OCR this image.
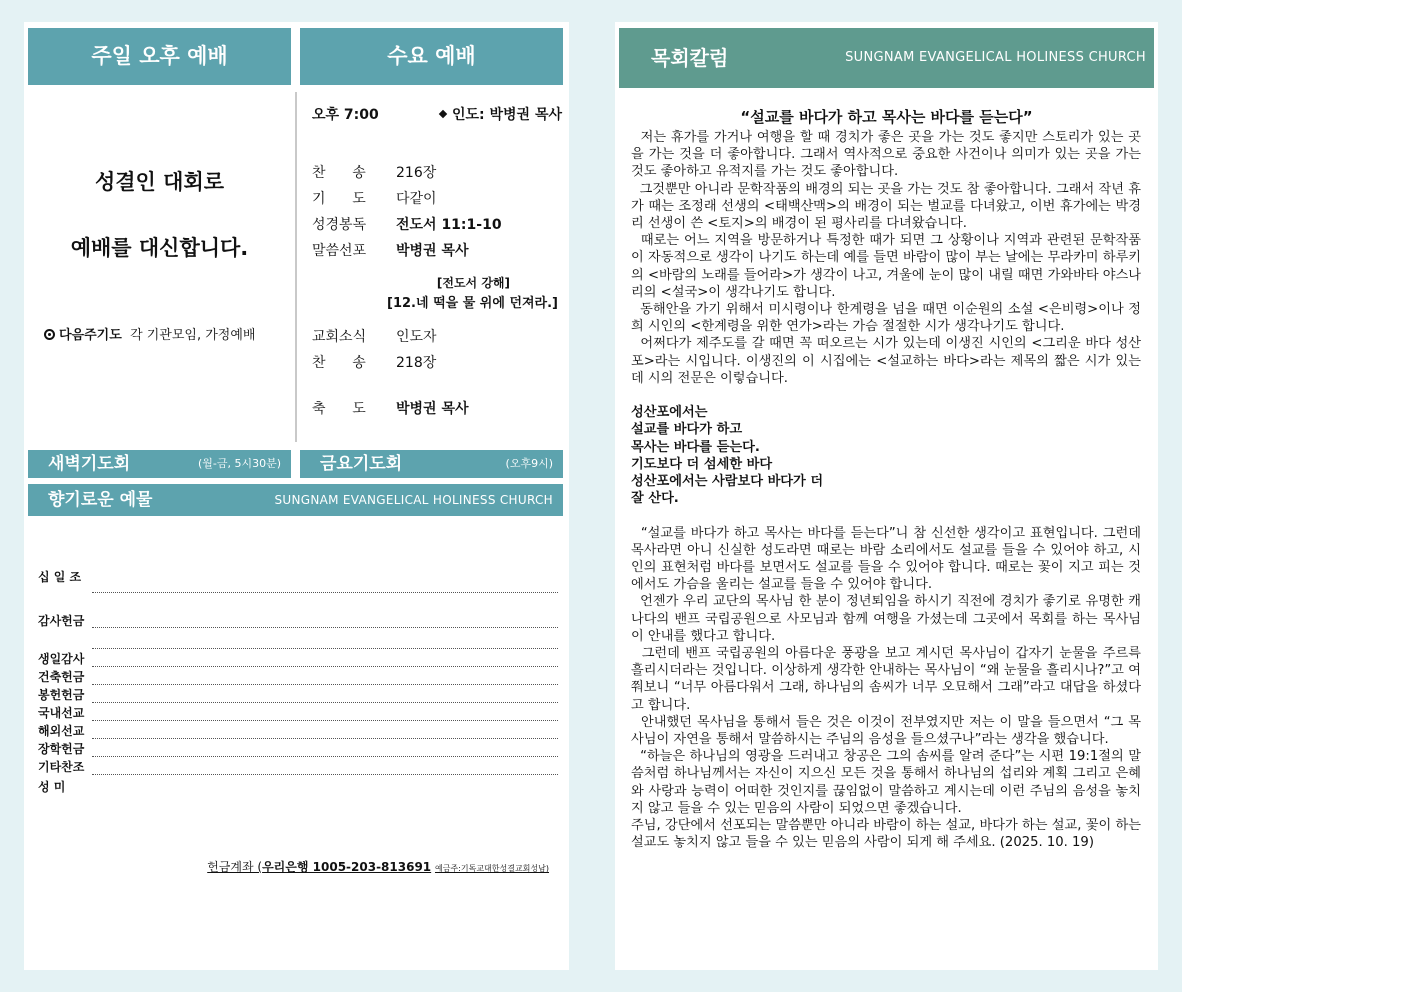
주일 오후 예배	수요 예배
성결인 대회로
예배를 대신합니다.
다음주기도 각 기관모임, 가정예배
오후 7:00	인도: 박병권 목사
찬      송 216장
기      도 다같이
성경봉독 전도서 11:1-10
말씀선포 박병권 목사
[전도서 강해]
[12.네 떡을 물 위에 던져라.]
교회소식 인도자
찬      송 218장
축      도 박병권 목사
새벽기도회	(월-금, 5시30분) 금요기도회	(오후9시)
향기로운 예물	SUNGNAM EVANGELICAL HOLINESS CHURCH
십 일 조
감사헌금
생일감사
건축헌금
봉헌헌금
국내선교
해외선교
장학헌금
기타찬조
성 미
헌금계좌 (우리은행 1005-203-813691 예금주:기독교대한성결교회성남)
목회칼럼	SUNGNAM EVANGELICAL HOLINESS CHURCH
“설교를 바다가 하고 목사는 바다를 듣는다”

저는 휴가를 가거나 여행을 할 때 경치가 좋은 곳을 가는 것도 좋지만 스토리가 있는 곳을 가는 것을 더 좋아합니다. 그래서 역사적으로 중요한 사건이나 의미가 있는 곳을 가는 것도 좋아하고 유적지를 가는 것도 좋아합니다.

그것뿐만 아니라 문학작품의 배경의 되는 곳을 가는 것도 참 좋아합니다. 그래서 작년 휴가 때는 조정래 선생의 <태백산맥>의 배경이 되는 벌교를 다녀왔고, 이번 휴가에는 박경리 선생이 쓴 <토지>의 배경이 된 평사리를 다녀왔습니다.

때로는 어느 지역을 방문하거나 특정한 때가 되면 그 상황이나 지역과 관련된 문학작품이 자동적으로 생각이 나기도 하는데 예를 들면 바람이 많이 부는 날에는 무라카미 하루키의 <바람의 노래를 들어라>가 생각이 나고, 겨울에 눈이 많이 내릴 때면 가와바타 야스나리의 <설국>이 생각나기도 합니다.

동해안을 가기 위해서 미시령이나 한계령을 넘을 때면 이순원의 소설 <은비령>이나 정희 시인의 <한계령을 위한 연가>라는 가슴 절절한 시가 생각나기도 합니다.

어쩌다가 제주도를 갈 때면 꼭 떠오르는 시가 있는데 이생진 시인의 <그리운 바다 성산포>라는 시입니다. 이생진의 이 시집에는 <설교하는 바다>라는 제목의 짧은 시가 있는데 시의 전문은 이렇습니다.

성산포에서는

설교를 바다가 하고

목사는 바다를 듣는다.

기도보다 더 섬세한 바다

성산포에서는 사람보다 바다가 더

잘 산다.

“설교를 바다가 하고 목사는 바다를 듣는다”니 참 신선한 생각이고 표현입니다. 그런데 목사라면 아니 신실한 성도라면 때로는 바람 소리에서도 설교를 들을 수 있어야 하고, 시인의 표현처럼 바다를 보면서도 설교를 들을 수 있어야 합니다. 때로는 꽃이 지고 피는 것에서도 가슴을 울리는 설교를 들을 수 있어야 합니다.

언젠가 우리 교단의 목사님 한 분이 정년퇴임을 하시기 직전에 경치가 좋기로 유명한 캐나다의 밴프 국립공원으로 사모님과 함께 여행을 가셨는데 그곳에서 목회를 하는 목사님이 안내를 했다고 합니다.

그런데 밴프 국립공원의 아름다운 풍광을 보고 계시던 목사님이 갑자기 눈물을 주르륵 흘리시더라는 것입니다. 이상하게 생각한 안내하는 목사님이 “왜 눈물을 흘리시나?”고 여쭤보니 “너무 아름다워서 그래, 하나님의 솜씨가 너무 오묘해서 그래”라고 대답을 하셨다고 합니다.

안내했던 목사님을 통해서 들은 것은 이것이 전부였지만 저는 이 말을 들으면서 “그 목사님이 자연을 통해서 말씀하시는 주님의 음성을 들으셨구나”라는 생각을 했습니다.

“하늘은 하나님의 영광을 드러내고 창공은 그의 솜씨를 알려 준다”는 시편 19:1절의 말씀처럼 하나님께서는 자신이 지으신 모든 것을 통해서 하나님의 섭리와 계획 그리고 은혜와 사랑과 능력이 어떠한 것인지를 끊임없이 말씀하고 계시는데 이런 주님의 음성을 놓치지 않고 들을 수 있는 믿음의 사람이 되었으면 좋겠습니다.

주님, 강단에서 선포되는 말씀뿐만 아니라 바람이 하는 설교, 바다가 하는 설교, 꽃이 하는 설교도 놓치지 않고 들을 수 있는 믿음의 사람이 되게 해 주세요. (2025. 10. 19)
